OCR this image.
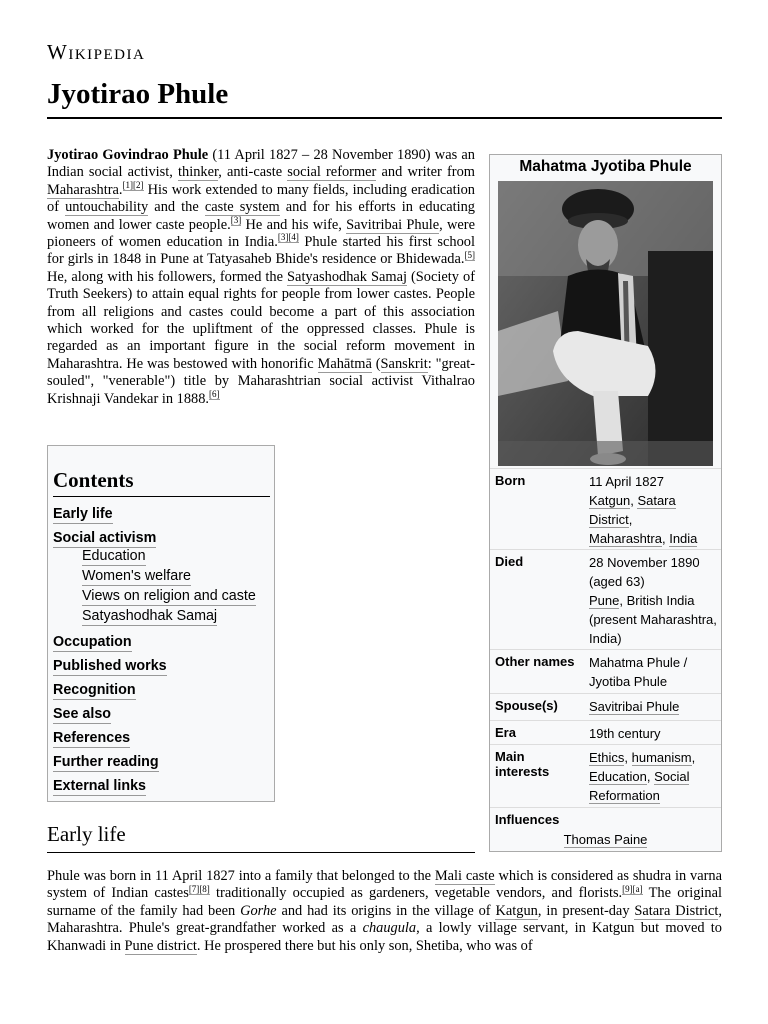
Wikipedia
Jyotirao Phule

Jyotirao Govindrao Phule (11 April 1827 – 28 November 1890) was an Indian social activist, thinker, anti-caste social reformer and writer from Maharashtra.[1][2] His work extended to many fields, including eradication of untouchability and the caste system and for his efforts in educating women and lower caste people.[3] He and his wife, Savitribai Phule, were pioneers of women education in India.[3][4] Phule started his first school for girls in 1848 in Pune at Tatyasaheb Bhide's residence or Bhidewada.[5] He, along with his followers, formed the Satyashodhak Samaj (Society of Truth Seekers) to attain equal rights for people from lower castes. People from all religions and castes could become a part of this association which worked for the upliftment of the oppressed classes. Phule is regarded as an important figure in the social reform movement in Maharashtra. He was bestowed with honorific Mahātmā (Sanskrit: "great-souled", "venerable") title by Maharashtrian social activist Vithalrao Krishnaji Vandekar in 1888.[6]

Contents
Early life
Social activism
Education
Women's welfare
Views on religion and caste
Satyashodhak Samaj
Occupation
Published works
Recognition
See also
References
Further reading
External links
Mahatma Jyotiba Phule
Born	11 April 1827
Katgun, Satara District,
Maharashtra, India
Died	28 November 1890
(aged 63)
Pune, British India (present Maharashtra, India)
Other names Mahatma Phule / Jyotiba Phule
Spouse(s) Savitribai Phule
Era	19th century
Main interests
Ethics, humanism,
Education, Social Reformation
Influences
Thomas Paine
Early life

Phule was born in 11 April 1827 into a family that belonged to the Mali caste which is considered as shudra in varna system of Indian castes[7][8] traditionally occupied as gardeners, vegetable vendors, and florists.[9][a] The original surname of the family had been Gorhe and had its origins in the village of Katgun, in present-day Satara District, Maharashtra. Phule's great-grandfather worked as a chaugula, a lowly village servant, in Katgun but moved to Khanwadi in Pune district. He prospered there but his only son, Shetiba, who was of
